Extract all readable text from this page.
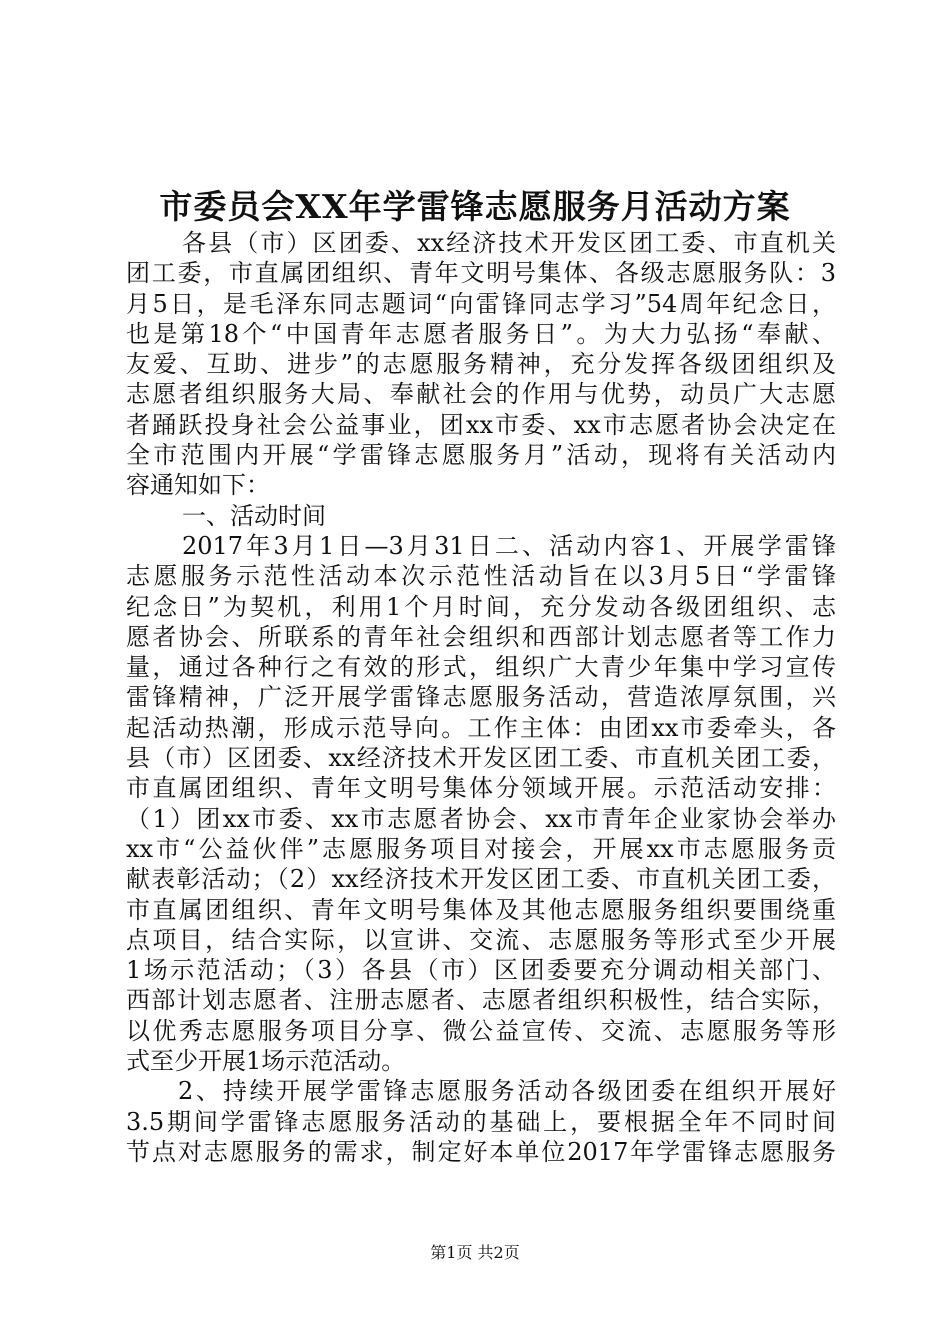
市委员会XX年学雷锋志愿服务月活动方案
各县（市）区团委、xx经济技术开发区团工委、市直机关
团工委，市直属团组织、青年文明号集体、各级志愿服务队：3
月5日，是毛泽东同志题词“向雷锋同志学习”54周年纪念日，
也是第18个“中国青年志愿者服务日”。为大力弘扬“奉献、
友爱、互助、进步”的志愿服务精神，充分发挥各级团组织及
志愿者组织服务大局、奉献社会的作用与优势，动员广大志愿
者踊跃投身社会公益事业，团xx市委、xx市志愿者协会决定在
全市范围内开展“学雷锋志愿服务月”活动，现将有关活动内
容通知如下：
一、活动时间
2017年3月1日—3月31日二、活动内容1、开展学雷锋
志愿服务示范性活动本次示范性活动旨在以3月5日“学雷锋
纪念日”为契机，利用1个月时间，充分发动各级团组织、志
愿者协会、所联系的青年社会组织和西部计划志愿者等工作力
量，通过各种行之有效的形式，组织广大青少年集中学习宣传
雷锋精神，广泛开展学雷锋志愿服务活动，营造浓厚氛围，兴
起活动热潮，形成示范导向。工作主体：由团xx市委牵头，各
县（市）区团委、xx经济技术开发区团工委、市直机关团工委，
市直属团组织、青年文明号集体分领域开展。示范活动安排：
（1）团xx市委、xx市志愿者协会、xx市青年企业家协会举办
xx市“公益伙伴”志愿服务项目对接会，开展xx市志愿服务贡
献表彰活动；（2）xx经济技术开发区团工委、市直机关团工委，
市直属团组织、青年文明号集体及其他志愿服务组织要围绕重
点项目，结合实际，以宣讲、交流、志愿服务等形式至少开展
1场示范活动；（3）各县（市）区团委要充分调动相关部门、
西部计划志愿者、注册志愿者、志愿者组织积极性，结合实际，
以优秀志愿服务项目分享、微公益宣传、交流、志愿服务等形
式至少开展1场示范活动。
2、持续开展学雷锋志愿服务活动各级团委在组织开展好
3.5期间学雷锋志愿服务活动的基础上，要根据全年不同时间
节点对志愿服务的需求，制定好本单位2017年学雷锋志愿服务
第1页 共2页
